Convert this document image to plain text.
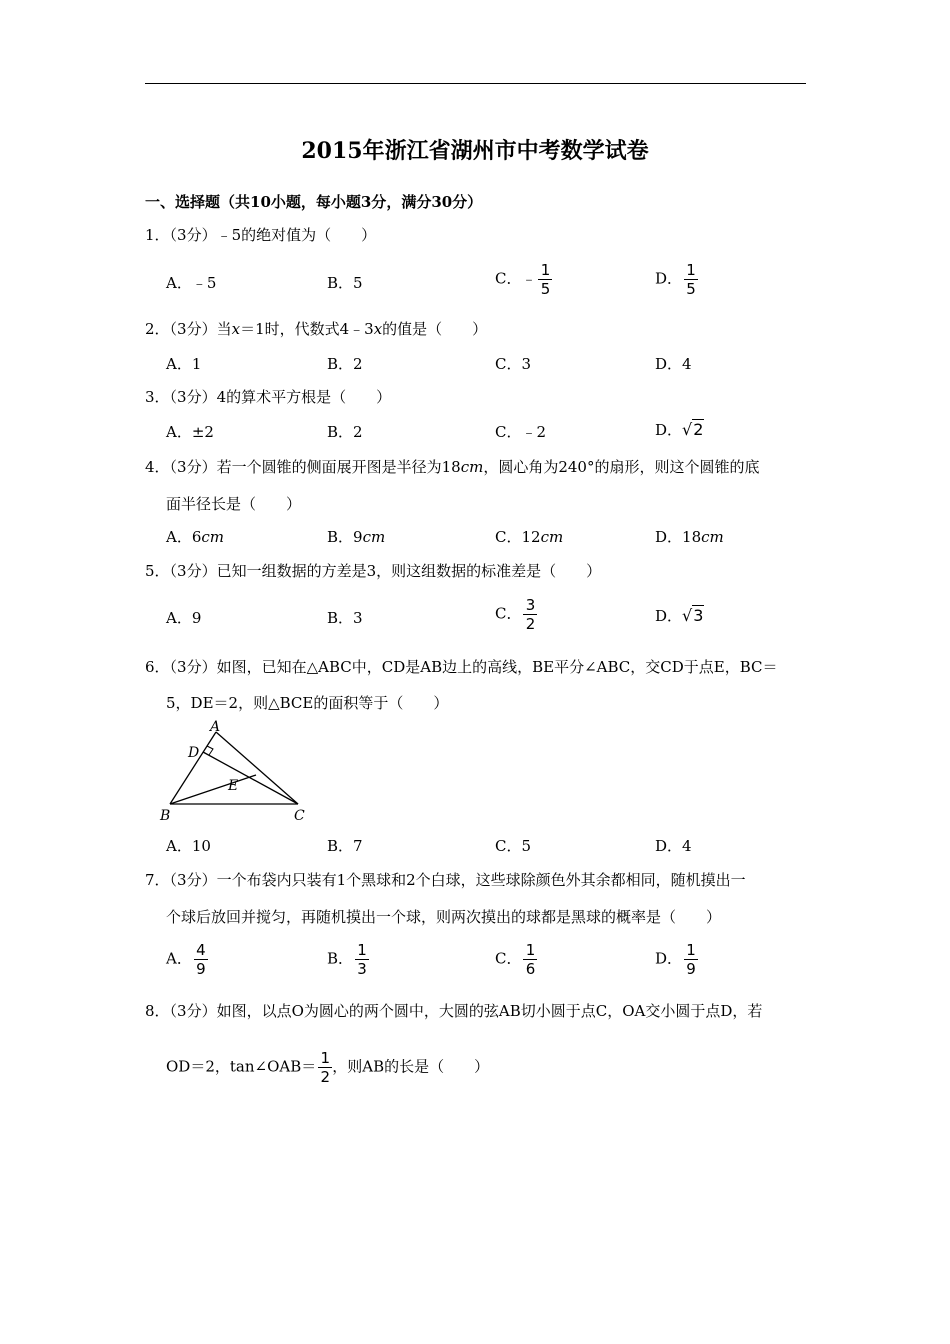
2015年浙江省湖州市中考数学试卷
一、选择题（共10小题，每小题3分，满分30分）
1．（3分）﹣5的绝对值为（　　）
A．﹣5	B．5	C．﹣ $\frac{1}{5}$	D． $\frac{1}{5}$
2．（3分）当x＝1时，代数式4﹣3x的值是（　　）
A．1	B．2	C．3	D．4
3．（3分）4的算术平方根是（　　）
A．±2	B．2	C．﹣2	D．√2
4．（3分）若一个圆锥的侧面展开图是半径为18cm，圆心角为240°的扇形，则这个圆锥的底
面半径长是（　　）
A．6cm	B．9cm	C．12cm	D．18cm
5．（3分）已知一组数据的方差是3，则这组数据的标准差是（　　）
A．9	B．3	C． $\frac{3}{2}$	D．√3
6．（3分）如图，已知在△ABC中，CD是AB边上的高线，BE平分∠ABC，交CD于点E，BC＝
5，DE＝2，则△BCE的面积等于（　　）
A
D
E
B	C
A．10	B．7	C．5	D．4
7．（3分）一个布袋内只装有1个黑球和2个白球，这些球除颜色外其余都相同，随机摸出一
个球后放回并搅匀，再随机摸出一个球，则两次摸出的球都是黑球的概率是（　　）
A． $\frac{4}{9}$	B． $\frac{1}{3}$	C． $\frac{1}{6}$	D． $\frac{1}{9}$
8．（3分）如图，以点O为圆心的两个圆中，大圆的弦AB切小圆于点C，OA交小圆于点D，若
OD＝2，tan∠OAB＝ $\frac{1}{2}$ ，则AB的长是（　　）
